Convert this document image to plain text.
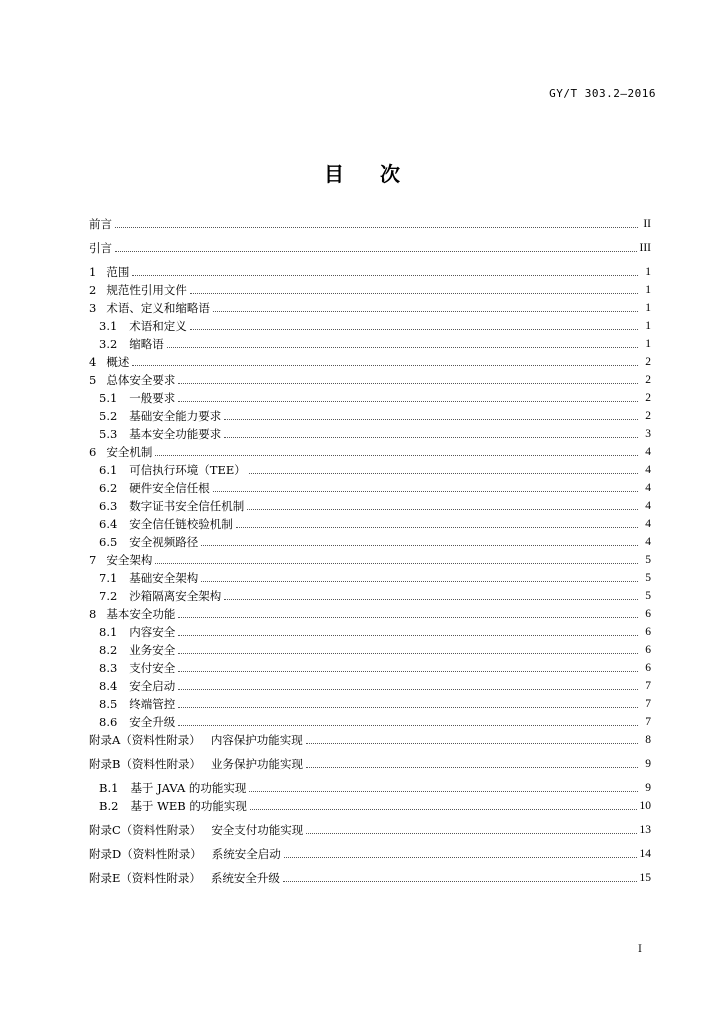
GY/T 303.2—2016
目次
前言	II
引言	III
1 范围	1
2 规范性引用文件	1
3 术语、定义和缩略语	1
3.1 术语和定义	1
3.2 缩略语	1
4 概述	2
5 总体安全要求	2
5.1 一般要求	2
5.2 基础安全能力要求	2
5.3 基本安全功能要求	3
6 安全机制	4
6.1 可信执行环境（TEE）	4
6.2 硬件安全信任根	4
6.3 数字证书安全信任机制	4
6.4 安全信任链校验机制	4
6.5 安全视频路径	4
7 安全架构	5
7.1 基础安全架构	5
7.2 沙箱隔离安全架构	5
8 基本安全功能	6
8.1 内容安全	6
8.2 业务安全	6
8.3 支付安全	6
8.4 安全启动	7
8.5 终端管控	7
8.6 安全升级	7
附录A（资料性附录） 内容保护功能实现	8
附录B（资料性附录） 业务保护功能实现	9
B.1 基于 JAVA 的功能实现	9
B.2 基于 WEB 的功能实现	10
附录C（资料性附录） 安全支付功能实现	13
附录D（资料性附录） 系统安全启动	14
附录E（资料性附录） 系统安全升级	15
I
